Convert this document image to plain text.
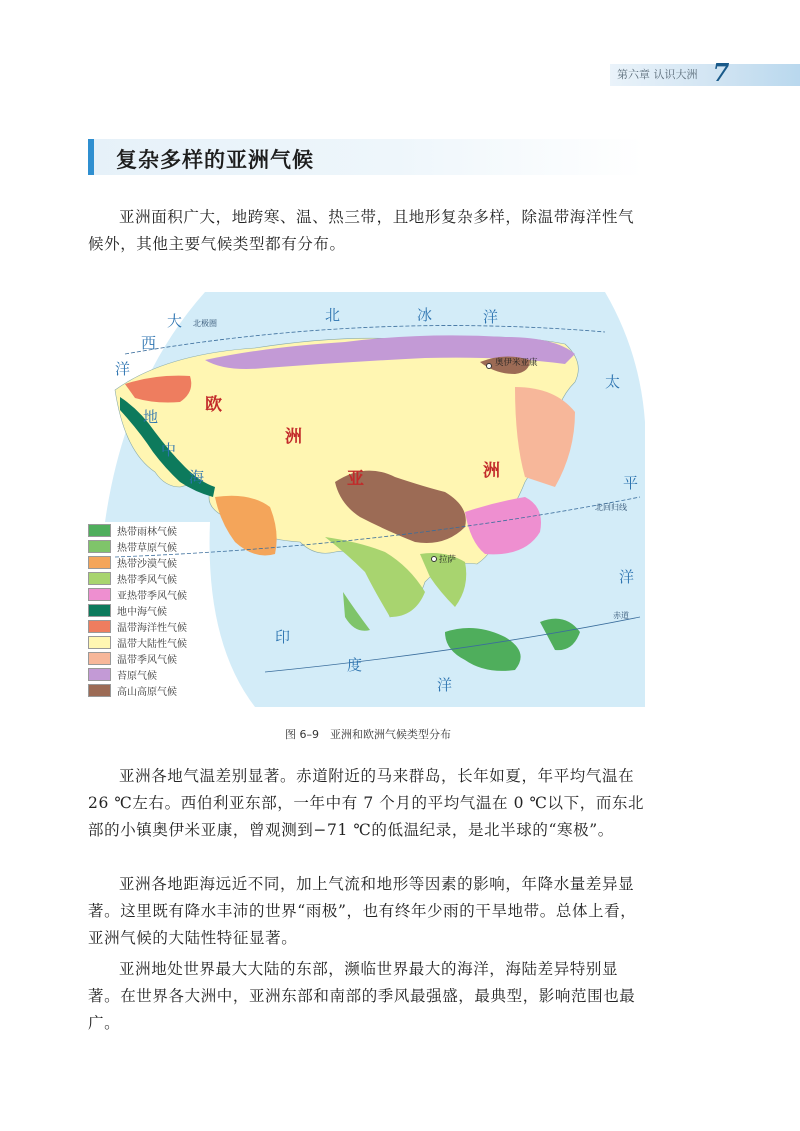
第六章 认识大洲 7
复杂多样的亚洲气候

亚洲面积广大，地跨寒、温、热三带，且地形复杂多样，除温带海洋性气候外，其他主要气候类型都有分布。

北极圈
北回归线
赤道
奥伊米亚康
拉萨
欧
洲
亚	洲
北	冰	洋
大
西
洋
地
中
海
太
平
洋
印
度
洋
热带雨林气候
热带草原气候
热带沙漠气候
热带季风气候
亚热带季风气候
地中海气候
温带海洋性气候
温带大陆性气候
温带季风气候
苔原气候
高山高原气候
图 6–9　亚洲和欧洲气候类型分布

亚洲各地气温差别显著。赤道附近的马来群岛，长年如夏，年平均气温在 26 ℃左右。西伯利亚东部，一年中有 7 个月的平均气温在 0 ℃以下，而东北部的小镇奥伊米亚康，曾观测到−71 ℃的低温纪录，是北半球的“寒极”。

亚洲各地距海远近不同，加上气流和地形等因素的影响，年降水量差异显著。这里既有降水丰沛的世界“雨极”，也有终年少雨的干旱地带。总体上看，亚洲气候的大陆性特征显著。

亚洲地处世界最大大陆的东部，濒临世界最大的海洋，海陆差异特别显著。在世界各大洲中，亚洲东部和南部的季风最强盛，最典型，影响范围也最广。
